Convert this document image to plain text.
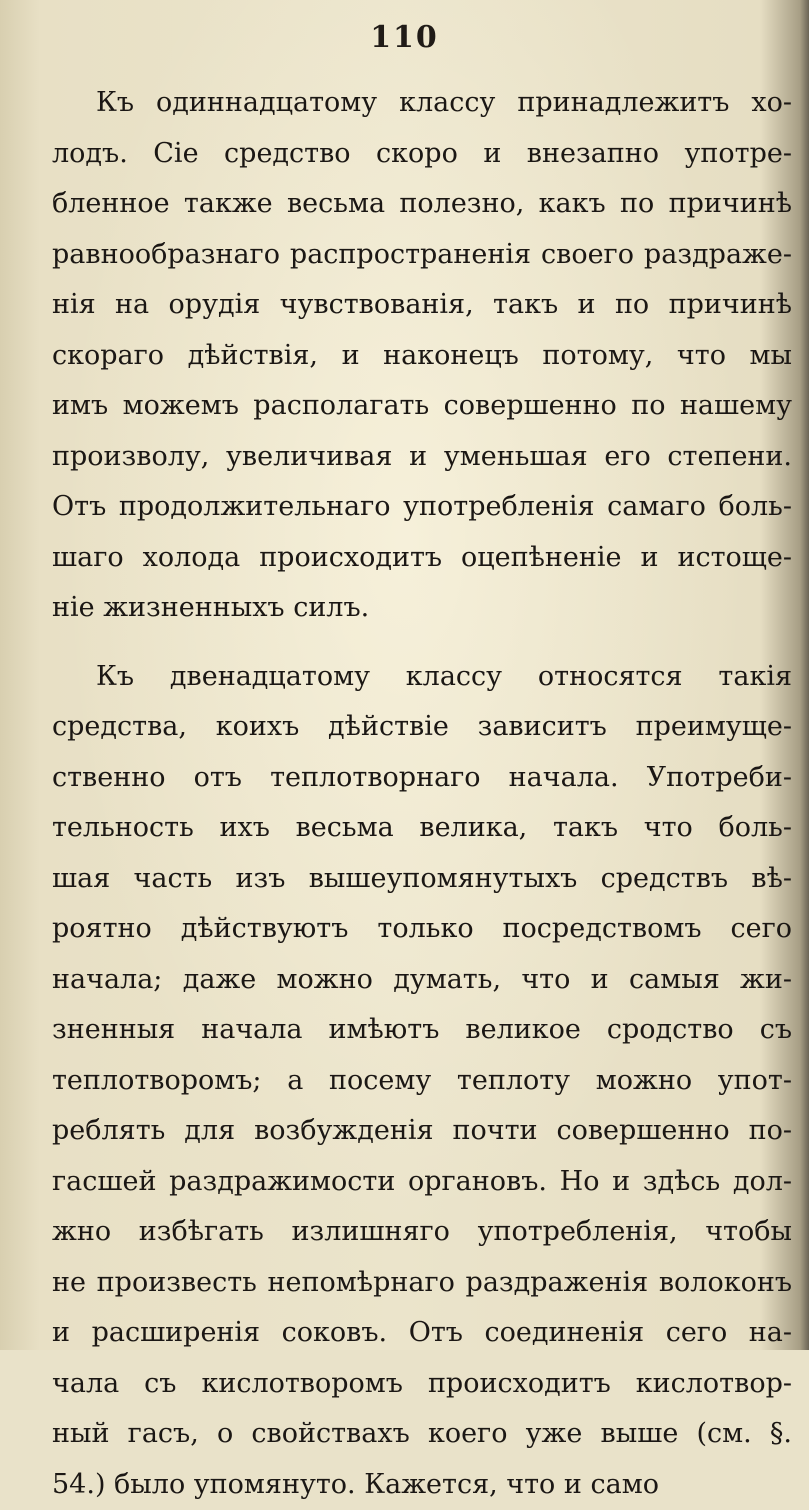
110
Къ одиннадцатому классу принадлежитъ хо-
лодъ. Сіе средство скоро и внезапно употре-
бленное также весьма полезно, какъ по причинѣ
равнообразнаго распространенія своего раздраже-
нія на орудія чувствованія, такъ и по причинѣ
скораго дѣйствія, и наконецъ потому, что мы
имъ можемъ располагать совершенно по нашему
произволу, увеличивая и уменьшая его степени.
Отъ продолжительнаго употребленія самаго боль-
шаго холода происходитъ оцепѣненіе и истоще-
ніе жизненныхъ силъ.
Къ двенадцатому классу относятся такія
средства, коихъ дѣйствіе зависитъ преимуще-
ственно отъ теплотворнаго начала. Употреби-
тельность ихъ весьма велика, такъ что боль-
шая часть изъ вышеупомянутыхъ средствъ вѣ-
роятно дѣйствуютъ только посредствомъ сего
начала; даже можно думать, что и самыя жи-
зненныя начала имѣютъ великое сродство съ
теплотворомъ; а посему теплоту можно упот-
реблять для возбужденія почти совершенно по-
гасшей раздражимости органовъ. Но и здѣсь дол-
жно избѣгать излишняго употребленія, чтобы
не произвесть непомѣрнаго раздраженія волоконъ
и расширенія соковъ. Отъ соединенія сего на-
чала съ кислотворомъ происходитъ кислотвор-
ный гасъ, о свойствахъ коего уже выше (см. §.
54.) было упомянуто. Кажется, что и само
